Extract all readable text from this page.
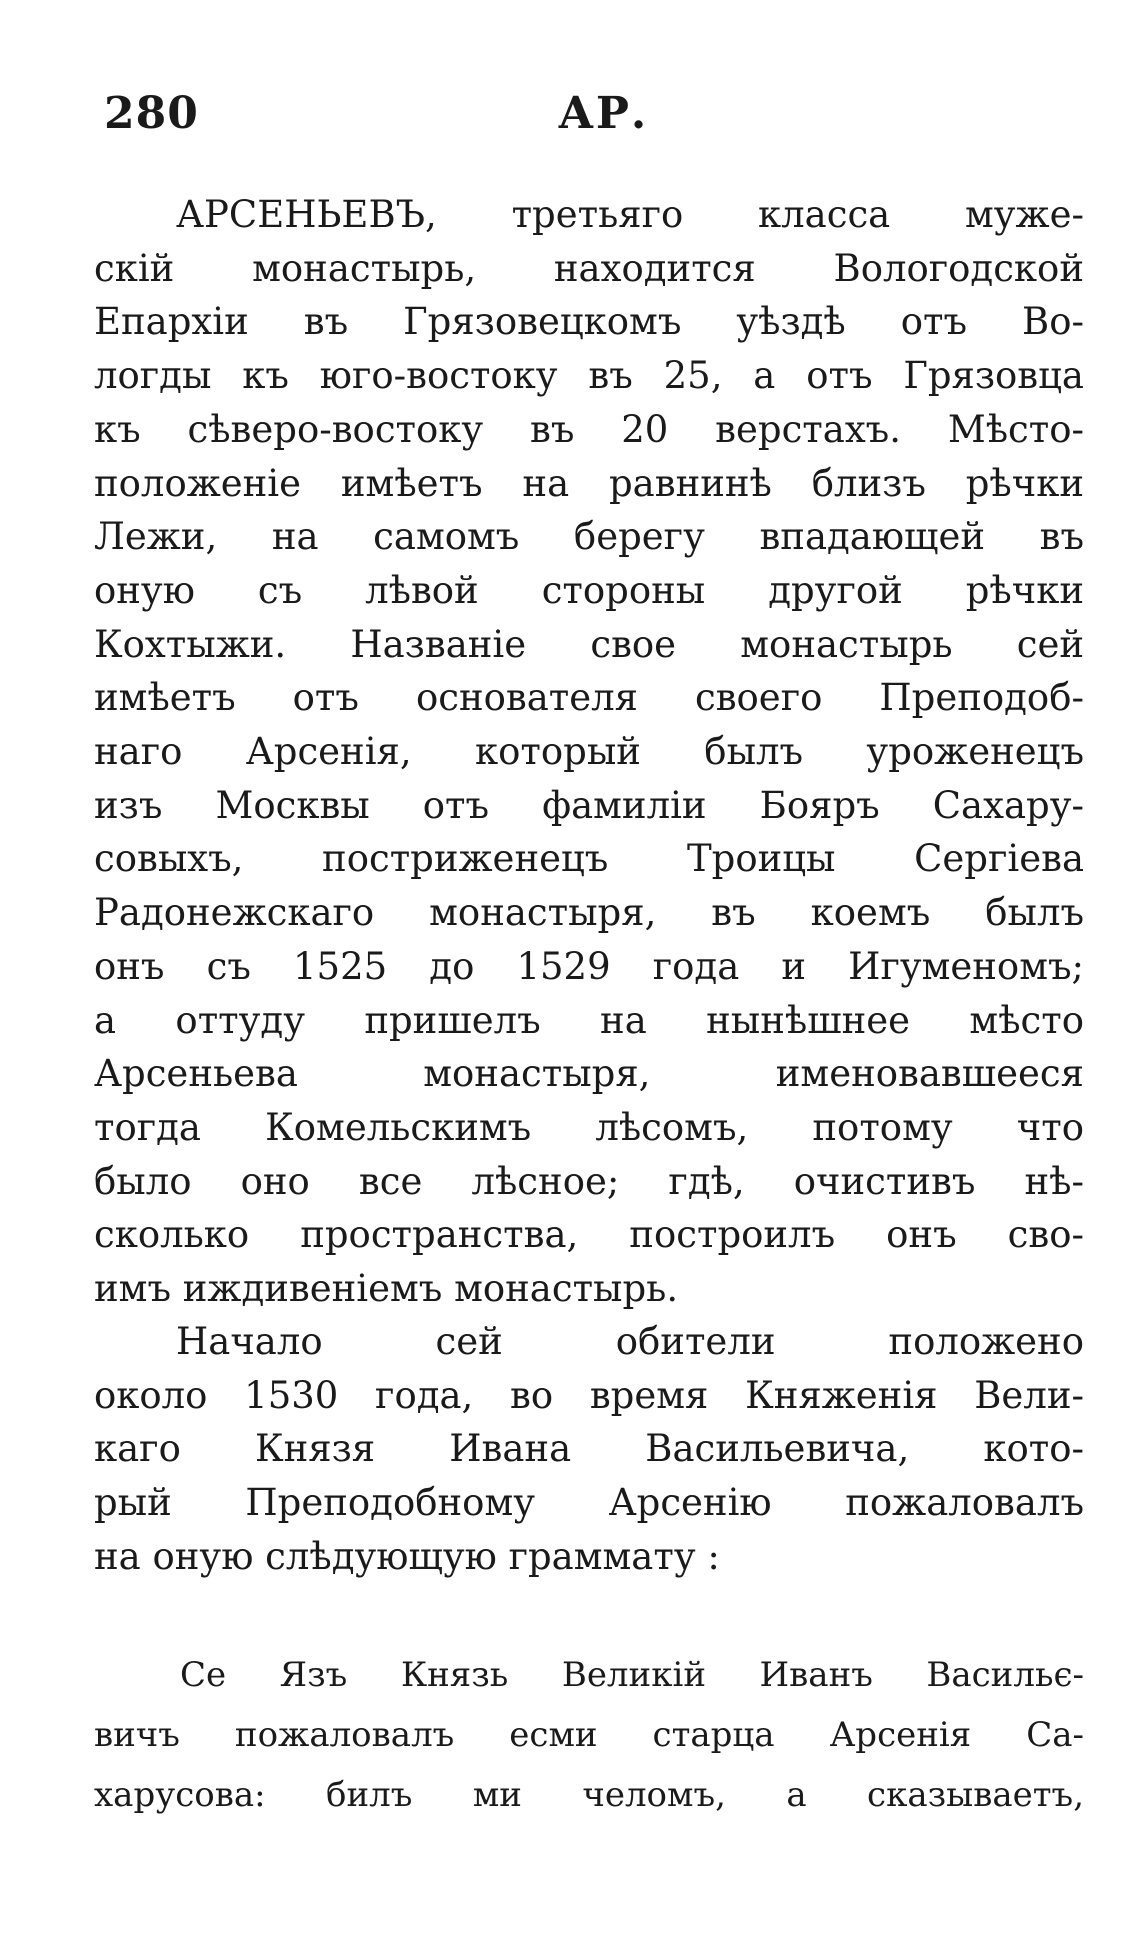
280	АР.
АРСЕНЬЕВЪ, третьяго класса муже-
скій монастырь, находится Вологодской
Епархіи въ Грязовецкомъ уѣздѣ отъ Во-
логды къ юго-востоку въ 25, а отъ Грязовца
къ сѣверо-востоку въ 20 верстахъ. Мѣсто-
положеніе имѣетъ на равнинѣ близъ рѣчки
Лежи, на самомъ берегу впадающей въ
оную съ лѣвой стороны другой рѣчки
Кохтыжи. Названіе свое монастырь сей
имѣетъ отъ основателя своего Преподоб-
наго Арсенія, который былъ уроженецъ
изъ Москвы отъ фамиліи Бояръ Сахару-
совыхъ, постриженецъ Троицы Сергіева
Радонежскаго монастыря, въ коемъ былъ
онъ съ 1525 до 1529 года и Игуменомъ;
а оттуду пришелъ на нынѣшнее мѣсто
Арсеньева монастыря, именовавшееся
тогда Комельскимъ лѣсомъ, потому что
было оно все лѣсное; гдѣ, очистивъ нѣ-
сколько пространства, построилъ онъ сво-
имъ иждивеніемъ монастырь.
Начало сей обители положено
около 1530 года, во время Княженія Вели-
каго Князя Ивана Васильевича, кото-
рый Преподобному Арсенію пожаловалъ
на оную слѣдующую граммату :
Се Язъ Князь Великій Иванъ Васильє-
вичъ пожаловалъ есми старца Арсенія Са-
харусова: билъ ми челомъ, а сказываетъ,
